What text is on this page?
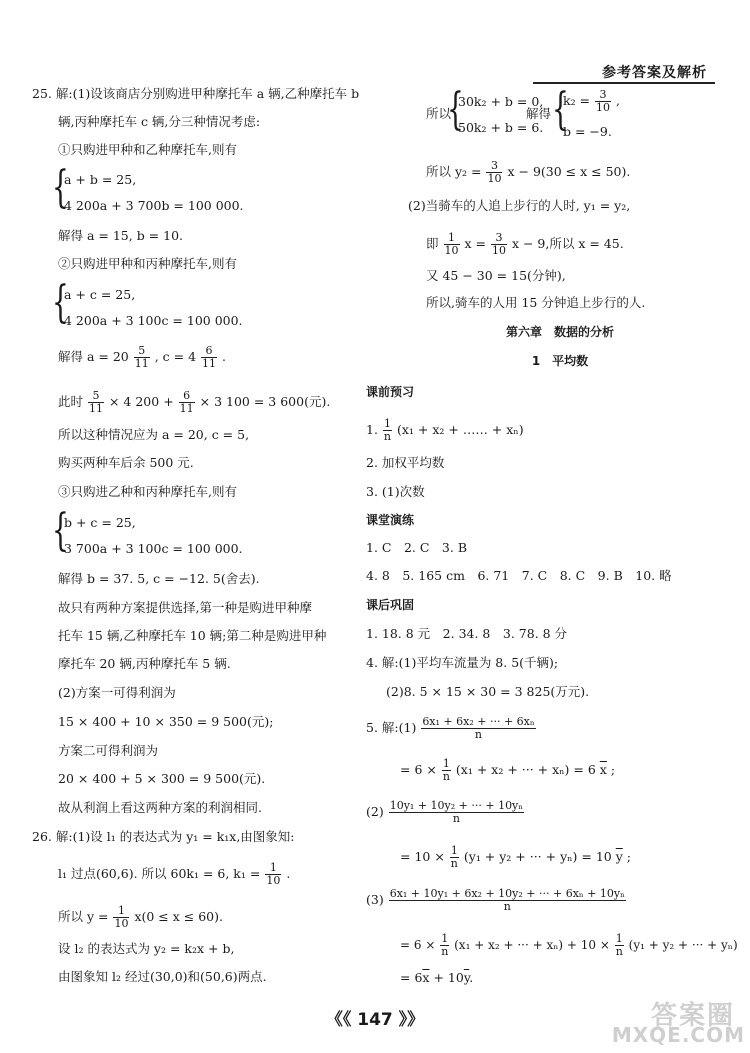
参考答案及解析
25. 解:(1)设该商店分别购进甲种摩托车 a 辆,乙种摩托车 b
辆,丙种摩托车 c 辆,分三种情况考虑:
①只购进甲种和乙种摩托车,则有
{
a + b = 25,
4 200a + 3 700b = 100 000.
解得 a = 15, b = 10.
②只购进甲种和丙种摩托车,则有
{
a + c = 25,
4 200a + 3 100c = 100 000.
解得 $a = 20 \frac{5}{11}$ , $c = 4 \frac{6}{11}$ .
此时 $\frac{5}{11} \times 4$ $200 + \frac{6}{11} \times 3$ 100 = 3 600(元).
所以这种情况应为 a = 20, c = 5,
购买两种车后余 500 元.
③只购进乙种和丙种摩托车,则有
{
b + c = 25,
3 700a + 3 100c = 100 000.
解得 b = 37. 5, c = −12. 5(舍去).
故只有两种方案提供选择,第一种是购进甲种摩
托车 15 辆,乙种摩托车 10 辆;第二种是购进甲种
摩托车 20 辆,丙种摩托车 5 辆.
(2)方案一可得利润为
15 × 400 + 10 × 350 = 9 500(元);
方案二可得利润为
20 × 400 + 5 × 300 = 9 500(元).
故从利润上看这两种方案的利润相同.
26. 解:(1)设 l₁ 的表达式为 y₁ = k₁x,由图象知:
l₁ 过点(60,6). 所以 60k₁ = 6, $k_1 = \frac{1}{10}$ .
所以 $y = \frac{1}{10} x(0 \le x \le 60)$.
设 l₂ 的表达式为 y₂ = k₂x + b,
由图象知 l₂ 经过(30,0)和(50,6)两点.
所以
{
30k₂ + b = 0,
50k₂ + b = 6.
解得 {
$k_2 = \frac{3}{10}$ ,
b = −9.
所以 $y_2 = \frac{3}{10}$ x − 9(30 ≤ x ≤ 50).
(2)当骑车的人追上步行的人时, y₁ = y₂,
即 $\frac{1}{10}$ $x = \frac{3}{10}$ x − 9,所以 x = 45.
又 45 − 30 = 15(分钟),
所以,骑车的人用 15 分钟追上步行的人.
第六章　数据的分析
1　平均数
课前预习
1. $\frac{1}{n} (x_1 + x_2$ + …… + xₙ)
2. 加权平均数
3. (1)次数
课堂演练
1. C　2. C　3. B
4. 8　5. 165 cm　6. 71　7. C　8. C　9. B　10. 略
课后巩固
1. 18. 8 元　2. 34. 8　3. 78. 8 分
4. 解:(1)平均车流量为 8. 5(千辆);
(2)8. 5 × 15 × 30 = 3 825(万元).
5. 解:(1) $\frac{\text{6x₁ + 6x₂ + ··· + 6xₙ}}{n}$
= $6 \times \frac{1}{n} (x_1 + x_2$ + ··· + xₙ) = 6 $\overline{x}$ ;
$(2) \frac{\text{10y₁ + 10y₂ + ··· + 10yₙ}}{n}$
= $10 \times \frac{1}{n} (y_1 + y_2$ + ··· + yₙ) = 10 $\overline{y}$ ;
$(3) \frac{\text{6x₁ + 10y₁ + 6x₂ + 10y₂ + ··· + 6xₙ + 10yₙ}}{n}$
= $6 \times \frac{1}{n} (x_1 + x_2$ + ··· + $x_n) + 10 \times \frac{1}{n} (y_1 + y_2$ + ··· + yₙ)
= $6\overline{x} + 10\overline{y}$.
《《 147 》》	答案圈
MXQE.COM
